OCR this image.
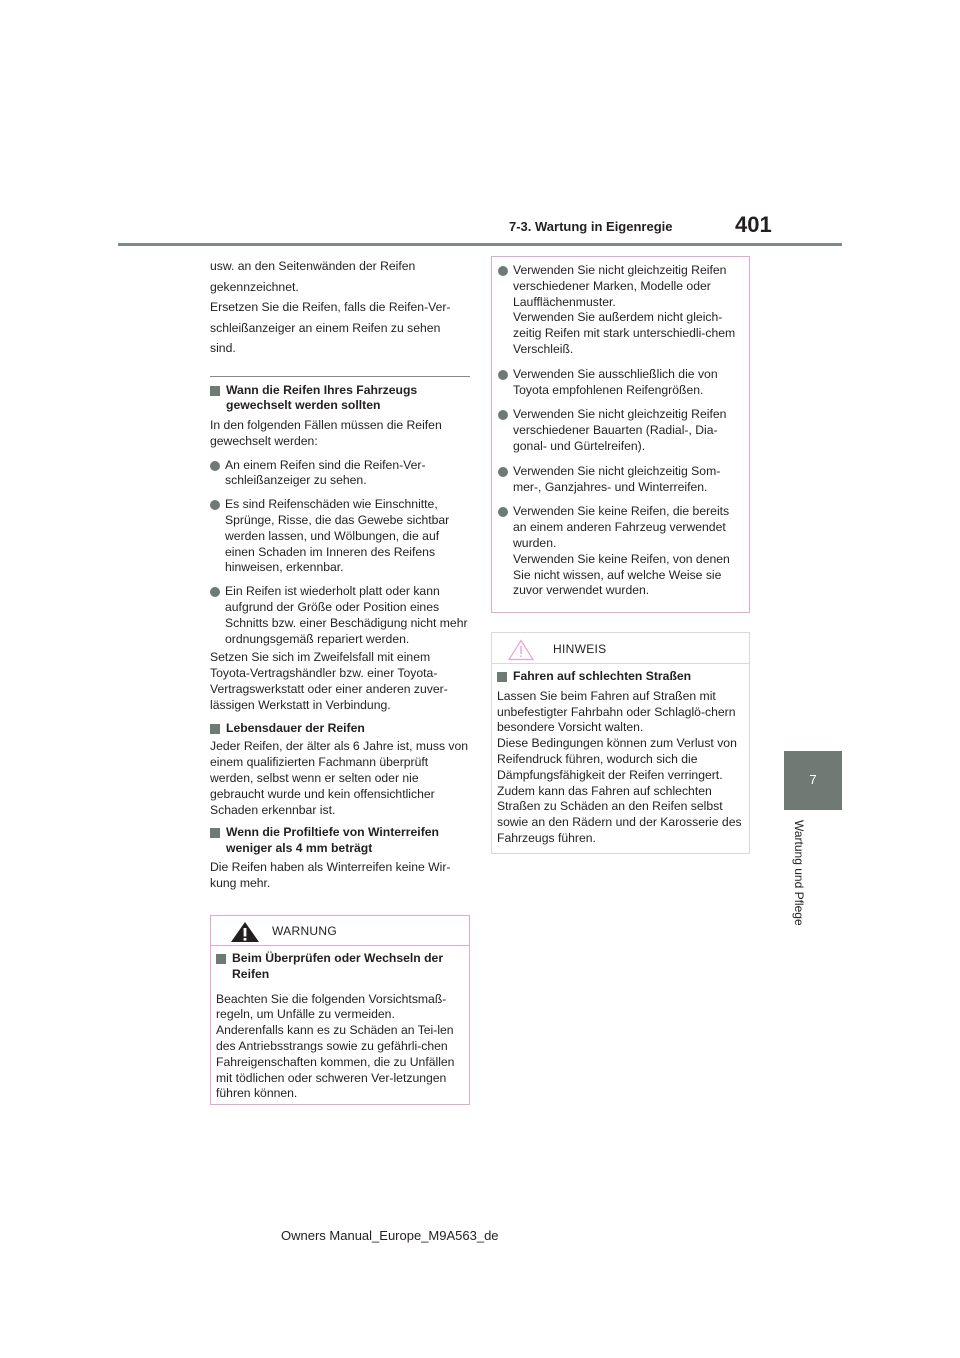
7-3. Wartung in Eigenregie	401
7
Wartung und Pflege
usw. an den Seitenwänden der Reifen
gekennzeichnet.
Ersetzen Sie die Reifen, falls die Reifen-Ver-
schleißanzeiger an einem Reifen zu sehen
sind.
Wann die Reifen Ihres Fahrzeugs gewechselt werden sollten
In den folgenden Fällen müssen die Reifen gewechselt werden:
An einem Reifen sind die Reifen-Ver-schleißanzeiger zu sehen.
Es sind Reifenschäden wie Einschnitte, Sprünge, Risse, die das Gewebe sichtbar werden lassen, und Wölbungen, die auf einen Schaden im Inneren des Reifens hinweisen, erkennbar.
Ein Reifen ist wiederholt platt oder kann aufgrund der Größe oder Position eines Schnitts bzw. einer Beschädigung nicht mehr ordnungsgemäß repariert werden.
Setzen Sie sich im Zweifelsfall mit einem Toyota-Vertragshändler bzw. einer Toyota-Vertragswerkstatt oder einer anderen zuver-lässigen Werkstatt in Verbindung.
Lebensdauer der Reifen
Jeder Reifen, der älter als 6 Jahre ist, muss von einem qualifizierten Fachmann überprüft werden, selbst wenn er selten oder nie gebraucht wurde und kein offensichtlicher Schaden erkennbar ist.
Wenn die Profiltiefe von Winterreifen weniger als 4 mm beträgt
Die Reifen haben als Winterreifen keine Wir-kung mehr.
WARNUNG
Beim Überprüfen oder Wechseln der Reifen
Beachten Sie die folgenden Vorsichtsmaß-regeln, um Unfälle zu vermeiden. Anderenfalls kann es zu Schäden an Tei-len des Antriebsstrangs sowie zu gefährli-chen Fahreigenschaften kommen, die zu Unfällen mit tödlichen oder schweren Ver-letzungen führen können.
Verwenden Sie nicht gleichzeitig Reifen verschiedener Marken, Modelle oder Laufflächenmuster.
Verwenden Sie außerdem nicht gleich-zeitig Reifen mit stark unterschiedli-chem Verschleiß.
Verwenden Sie ausschließlich die von Toyota empfohlenen Reifengrößen.
Verwenden Sie nicht gleichzeitig Reifen verschiedener Bauarten (Radial-, Dia-gonal- und Gürtelreifen).
Verwenden Sie nicht gleichzeitig Som-mer-, Ganzjahres- und Winterreifen.
Verwenden Sie keine Reifen, die bereits an einem anderen Fahrzeug verwendet wurden.
Verwenden Sie keine Reifen, von denen Sie nicht wissen, auf welche Weise sie zuvor verwendet wurden.
HINWEIS
Fahren auf schlechten Straßen
Lassen Sie beim Fahren auf Straßen mit unbefestigter Fahrbahn oder Schlaglö-chern besondere Vorsicht walten.
Diese Bedingungen können zum Verlust von Reifendruck führen, wodurch sich die Dämpfungsfähigkeit der Reifen verringert.
Zudem kann das Fahren auf schlechten Straßen zu Schäden an den Reifen selbst sowie an den Rädern und der Karosserie des Fahrzeugs führen.
Owners Manual_Europe_M9A563_de
